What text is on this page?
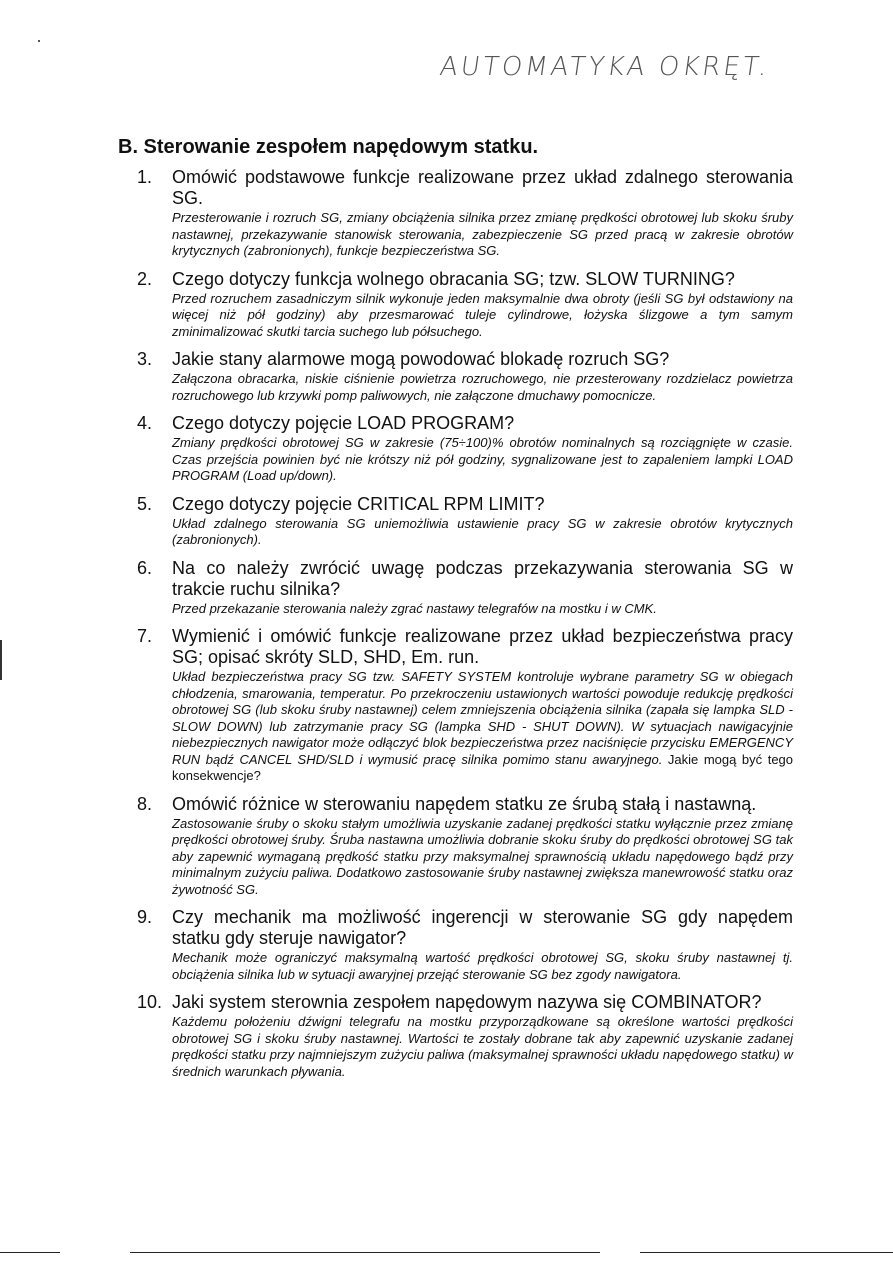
AUTOMATYKA OKRĘT.
B. Sterowanie zespołem napędowym statku.
1. Omówić podstawowe funkcje realizowane przez układ zdalnego sterowania SG.
Przesterowanie i rozruch SG, zmiany obciążenia silnika przez zmianę prędkości obrotowej lub skoku śruby nastawnej, przekazywanie stanowisk sterowania, zabezpieczenie SG przed pracą w zakresie obrotów krytycznych (zabronionych), funkcje bezpieczeństwa SG.
2. Czego dotyczy funkcja wolnego obracania SG; tzw. SLOW TURNING?
Przed rozruchem zasadniczym silnik wykonuje jeden maksymalnie dwa obroty (jeśli SG był odstawiony na więcej niż pół godziny) aby przesmarować tuleje cylindrowe, łożyska ślizgowe a tym samym zminimalizować skutki tarcia suchego lub półsuchego.
3. Jakie stany alarmowe mogą powodować blokadę rozruch SG?
Załączona obracarka, niskie ciśnienie powietrza rozruchowego, nie przesterowany rozdzielacz powietrza rozruchowego lub krzywki pomp paliwowych, nie załączone dmuchawy pomocnicze.
4. Czego dotyczy pojęcie LOAD PROGRAM?
Zmiany prędkości obrotowej SG w zakresie (75÷100)% obrotów nominalnych są rozciągnięte w czasie. Czas przejścia powinien być nie krótszy niż pół godziny, sygnalizowane jest to zapaleniem lampki LOAD PROGRAM (Load up/down).
5. Czego dotyczy pojęcie CRITICAL RPM LIMIT?
Układ zdalnego sterowania SG uniemożliwia ustawienie pracy SG w zakresie obrotów krytycznych (zabronionych).
6. Na co należy zwrócić uwagę podczas przekazywania sterowania SG w trakcie ruchu silnika?
Przed przekazanie sterowania należy zgrać nastawy telegrafów na mostku i w CMK.
7. Wymienić i omówić funkcje realizowane przez układ bezpieczeństwa pracy SG; opisać skróty SLD, SHD, Em. run.
Układ bezpieczeństwa pracy SG tzw. SAFETY SYSTEM kontroluje wybrane parametry SG w obiegach chłodzenia, smarowania, temperatur. Po przekroczeniu ustawionych wartości powoduje redukcję prędkości obrotowej SG (lub skoku śruby nastawnej) celem zmniejszenia obciążenia silnika (zapała się lampka SLD - SLOW DOWN) lub zatrzymanie pracy SG (lampka SHD - SHUT DOWN). W sytuacjach nawigacyjnie niebezpiecznych nawigator może odłączyć blok bezpieczeństwa przez naciśnięcie przycisku EMERGENCY RUN bądź CANCEL SHD/SLD i wymusić pracę silnika pomimo stanu awaryjnego. Jakie mogą być tego konsekwencje?
8. Omówić różnice w sterowaniu napędem statku ze śrubą stałą i nastawną.
Zastosowanie śruby o skoku stałym umożliwia uzyskanie zadanej prędkości statku wyłącznie przez zmianę prędkości obrotowej śruby. Śruba nastawna umożliwia dobranie skoku śruby do prędkości obrotowej SG tak aby zapewnić wymaganą prędkość statku przy maksymalnej sprawnością układu napędowego bądź przy minimalnym zużyciu paliwa. Dodatkowo zastosowanie śruby nastawnej zwiększa manewrowość statku oraz żywotność SG.
9. Czy mechanik ma możliwość ingerencji w sterowanie SG gdy napędem statku gdy steruje nawigator?
Mechanik może ograniczyć maksymalną wartość prędkości obrotowej SG, skoku śruby nastawnej tj. obciążenia silnika lub w sytuacji awaryjnej przejąć sterowanie SG bez zgody nawigatora.
10. Jaki system sterownia zespołem napędowym nazywa się COMBINATOR?
Każdemu położeniu dźwigni telegrafu na mostku przyporządkowane są określone wartości prędkości obrotowej SG i skoku śruby nastawnej. Wartości te zostały dobrane tak aby zapewnić uzyskanie zadanej prędkości statku przy najmniejszym zużyciu paliwa (maksymalnej sprawności układu napędowego statku) w średnich warunkach pływania.
